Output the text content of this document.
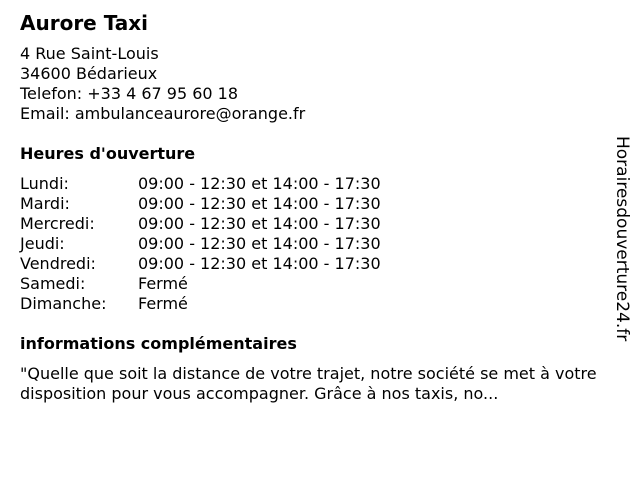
Aurore Taxi
4 Rue Saint-Louis
34600 Bédarieux
Telefon: +33 4 67 95 60 18
Email: ambulanceaurore@orange.fr
Heures d'ouverture
Lundi:	09:00 - 12:30 et 14:00 - 17:30
Mardi:	09:00 - 12:30 et 14:00 - 17:30
Mercredi:	09:00 - 12:30 et 14:00 - 17:30
Jeudi:	09:00 - 12:30 et 14:00 - 17:30
Vendredi:	09:00 - 12:30 et 14:00 - 17:30
Samedi:	Fermé
Dimanche:	Fermé
informations complémentaires
"Quelle que soit la distance de votre trajet, notre société se met à votre disposition pour vous accompagner. Grâce à nos taxis, no...
Horairesdouverture24.fr
